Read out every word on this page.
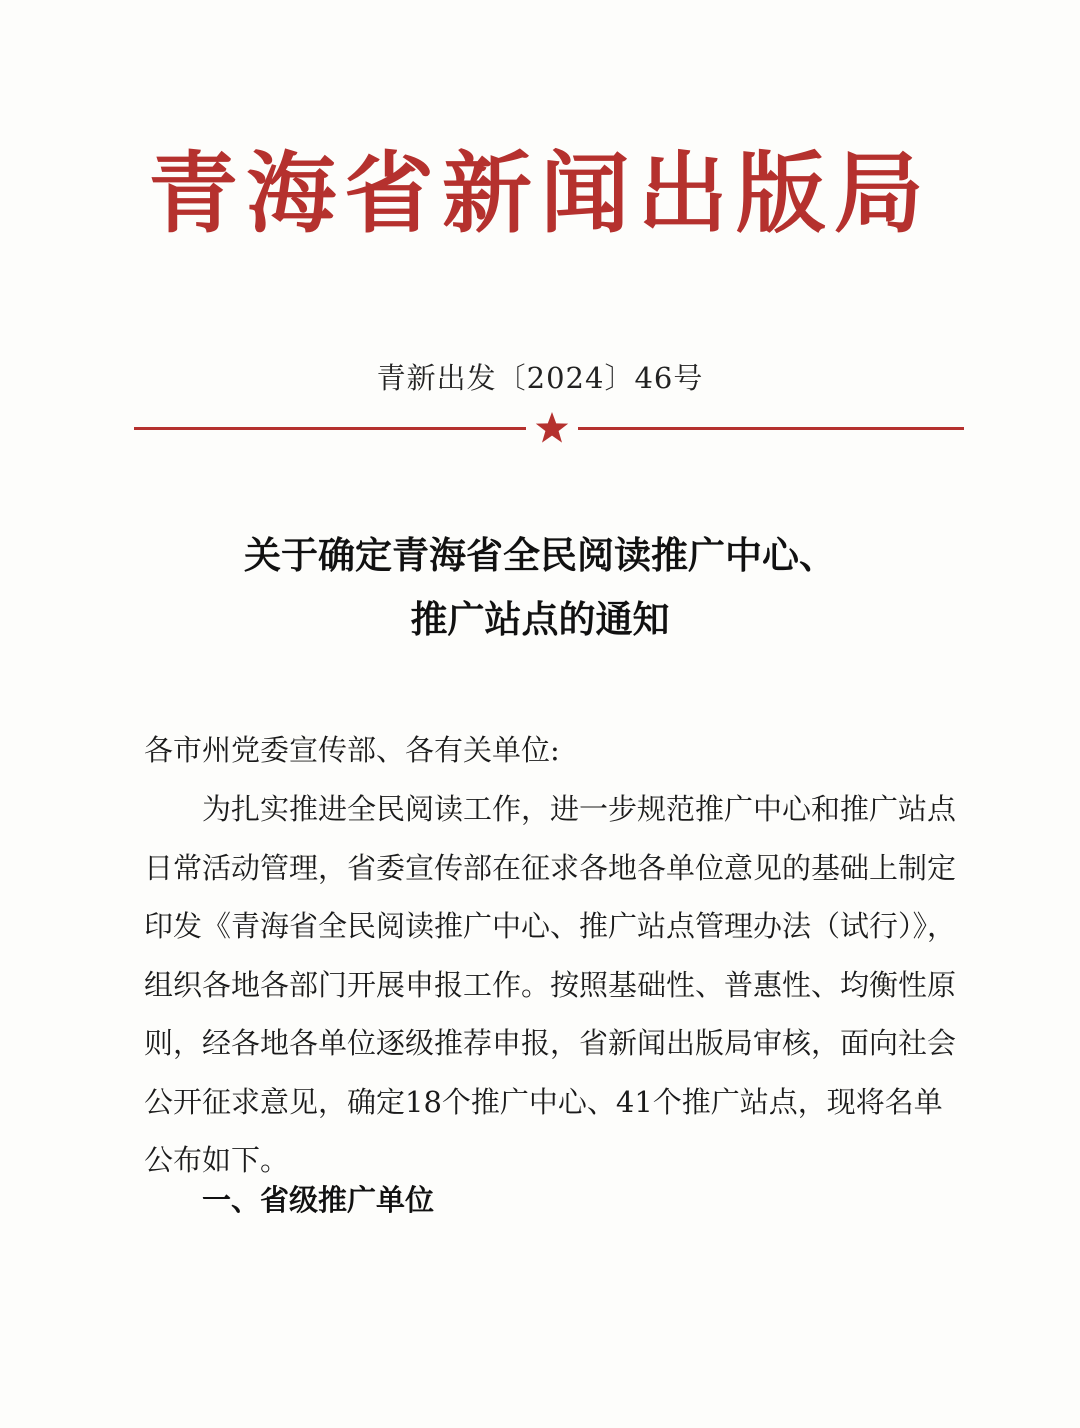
青海省新闻出版局
青新出发〔2024〕46号
关于确定青海省全民阅读推广中心、
推广站点的通知
各市州党委宣传部、各有关单位:
为扎实推进全民阅读工作，进一步规范推广中心和推广站点
日常活动管理，省委宣传部在征求各地各单位意见的基础上制定
印发《青海省全民阅读推广中心、推广站点管理办法（试行）》，
组织各地各部门开展申报工作。按照基础性、普惠性、均衡性原
则，经各地各单位逐级推荐申报，省新闻出版局审核，面向社会
公开征求意见，确定18个推广中心、41个推广站点，现将名单
公布如下。
一、省级推广单位
